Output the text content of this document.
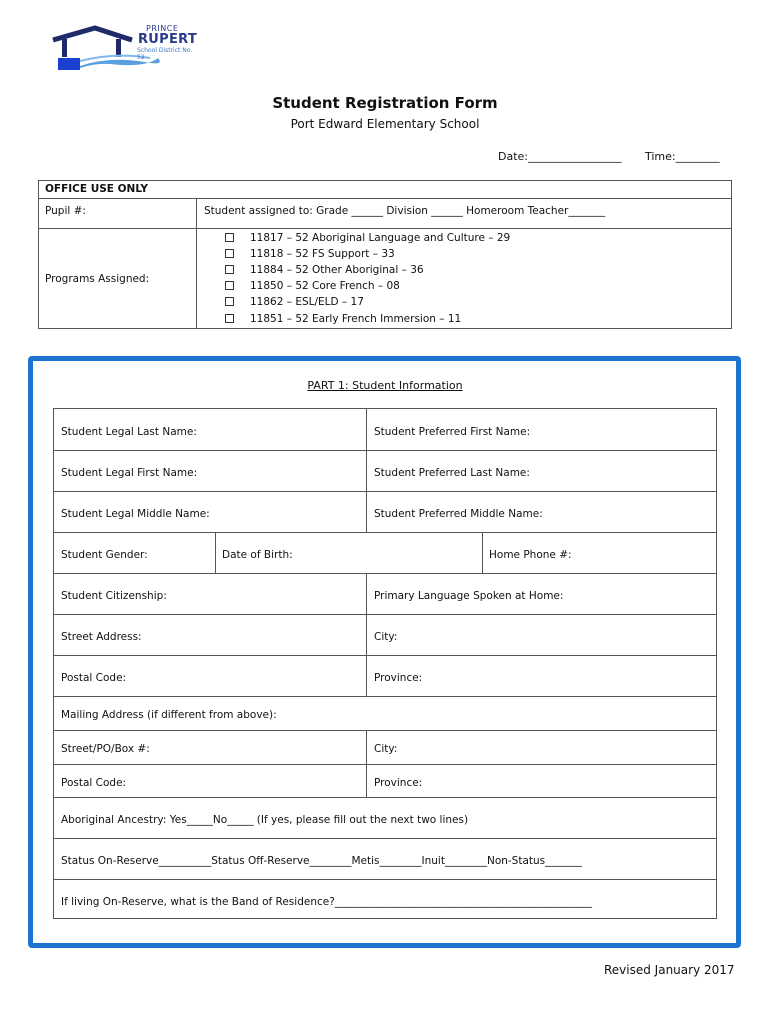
PRINCE
RUPERT
School District No. 52
Student Registration Form
Port Edward Elementary School
Date:_________________ Time:________
OFFICE USE ONLY
Pupil #:	Student assigned to: Grade ______ Division ______ Homeroom Teacher_______
Programs Assigned:
11817 – 52 Aboriginal Language and Culture – 29
11818 – 52 FS Support – 33
11884 – 52 Other Aboriginal – 36
11850 – 52 Core French – 08
11862 – ESL/ELD – 17
11851 – 52 Early French Immersion – 11
PART 1: Student Information
Student Legal Last Name:	Student Preferred First Name:
Student Legal First Name:	Student Preferred Last Name:
Student Legal Middle Name:	Student Preferred Middle Name:
Student Gender:	Date of Birth:	Home Phone #:
Student Citizenship:	Primary Language Spoken at Home:
Street Address:	City:
Postal Code:	Province:
Mailing Address (if different from above):
Street/PO/Box #:	City:
Postal Code:	Province:
Aboriginal Ancestry: Yes_____No_____ (If yes, please fill out the next two lines)
Status On-Reserve__________Status Off-Reserve________Metis________Inuit________Non-Status_______
If living On-Reserve, what is the Band of Residence?_________________________________________________
Revised January 2017
